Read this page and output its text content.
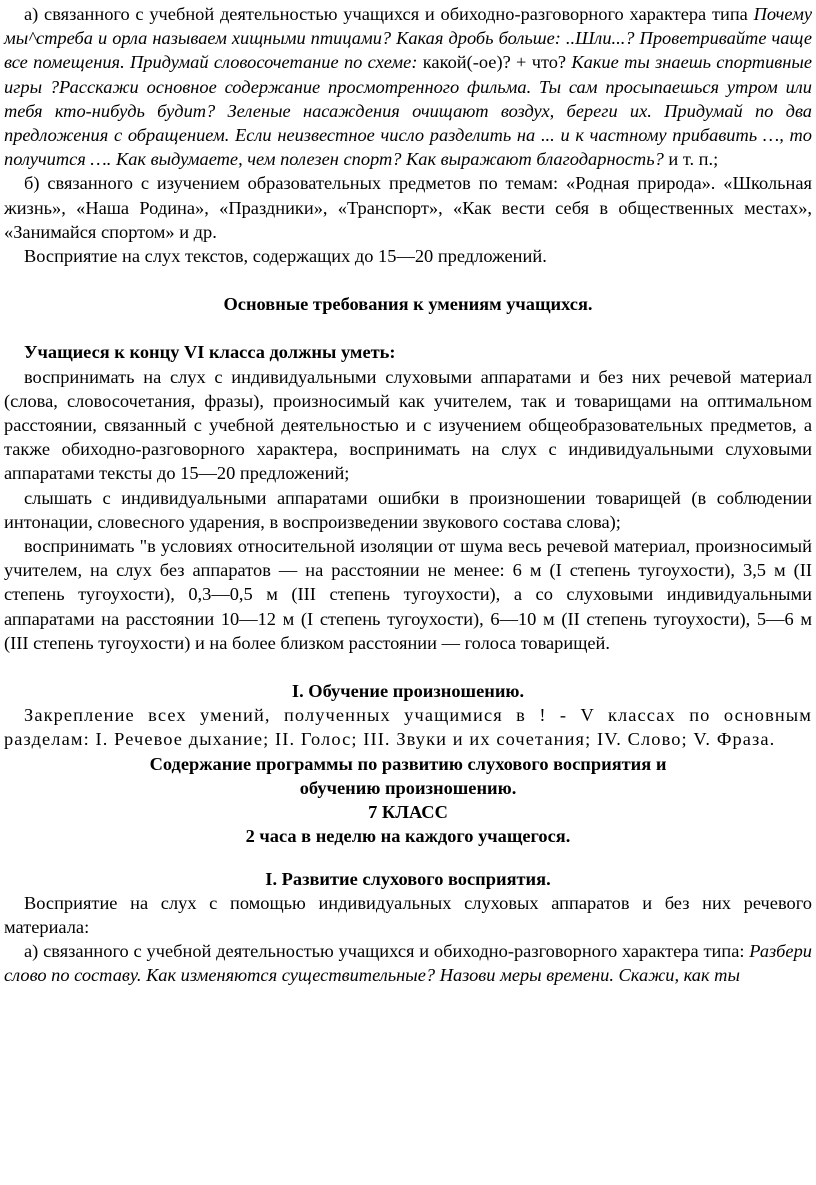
а) связанного с учебной деятельностью учащихся и обиходно-разговорного характера типа Почему мы^стреба и орла называем хищными птицами? Какая дробь больше: ..Шли...? Проветривайте чаще все помещения. Придумай словосочетание по схеме: какой(-ое)? + что? Какие ты знаешь спортивные игры ?Расскажи основное содержание просмотренного фильма. Ты сам просыпаешься утром или тебя кто-нибудь будит? Зеленые насаждения очищают воздух, береги их. Придумай по два предложения с обращением. Если неизвестное число разделить на ... и к частному прибавить …, то получится …. Как выдумаете, чем полезен спорт? Как выражают благодарность? и т. п.;

б) связанного с изучением образовательных предметов по темам: «Родная природа». «Школьная жизнь», «Наша Родина», «Праздники», «Транспорт», «Как вести себя в общественных местах», «Занимайся спортом» и др.

Восприятие на слух текстов, содержащих до 15—20 предложений.

Основные требования к умениям учащихся.

Учащиеся к концу VI класса должны уметь:

воспринимать на слух с индивидуальными слуховыми аппаратами и без них речевой материал (слова, словосочетания, фразы), произносимый как учителем, так и товарищами на оптимальном расстоянии, связанный с учебной деятельностью и с изучением общеобразовательных предметов, а также обиходно-разговорного характера, воспринимать на слух с индивидуальными слуховыми аппаратами тексты до 15—20 предложений;

слышать с индивидуальными аппаратами ошибки в произношении товарищей (в соблюдении интонации, словесного ударения, в воспроизведении звукового состава слова);

воспринимать "в условиях относительной изоляции от шума весь речевой материал, произносимый учителем, на слух без аппаратов — на расстоянии не менее: 6 м (I степень тугоухости), 3,5 м (II степень тугоухости), 0,3—0,5 м (III степень тугоухости), а со слуховыми индивидуальными аппаратами на расстоянии 10—12 м (I степень тугоухости), 6—10 м (II степень тугоухости), 5—6 м (III степень тугоухости) и на более близком расстоянии — голоса товарищей.

I. Обучение произношению.

Закрепление всех умений, полученных учащимися в ! - V классах по основным разделам: I. Речевое дыхание; II. Голос; III. Звуки и их сочетания; IV. Слово; V. Фраза.

Содержание программы по развитию слухового восприятия и

обучению произношению.

7 КЛАСС

2 часа в неделю на каждого учащегося.

I. Развитие слухового восприятия.

Восприятие на слух с помощью индивидуальных слуховых аппаратов и без них речевого материала:

а) связанного с учебной деятельностью учащихся и обиходно-разговорного характера типа: Разбери слово по составу. Как изменяются существительные? Назови меры времени. Скажи, как ты
